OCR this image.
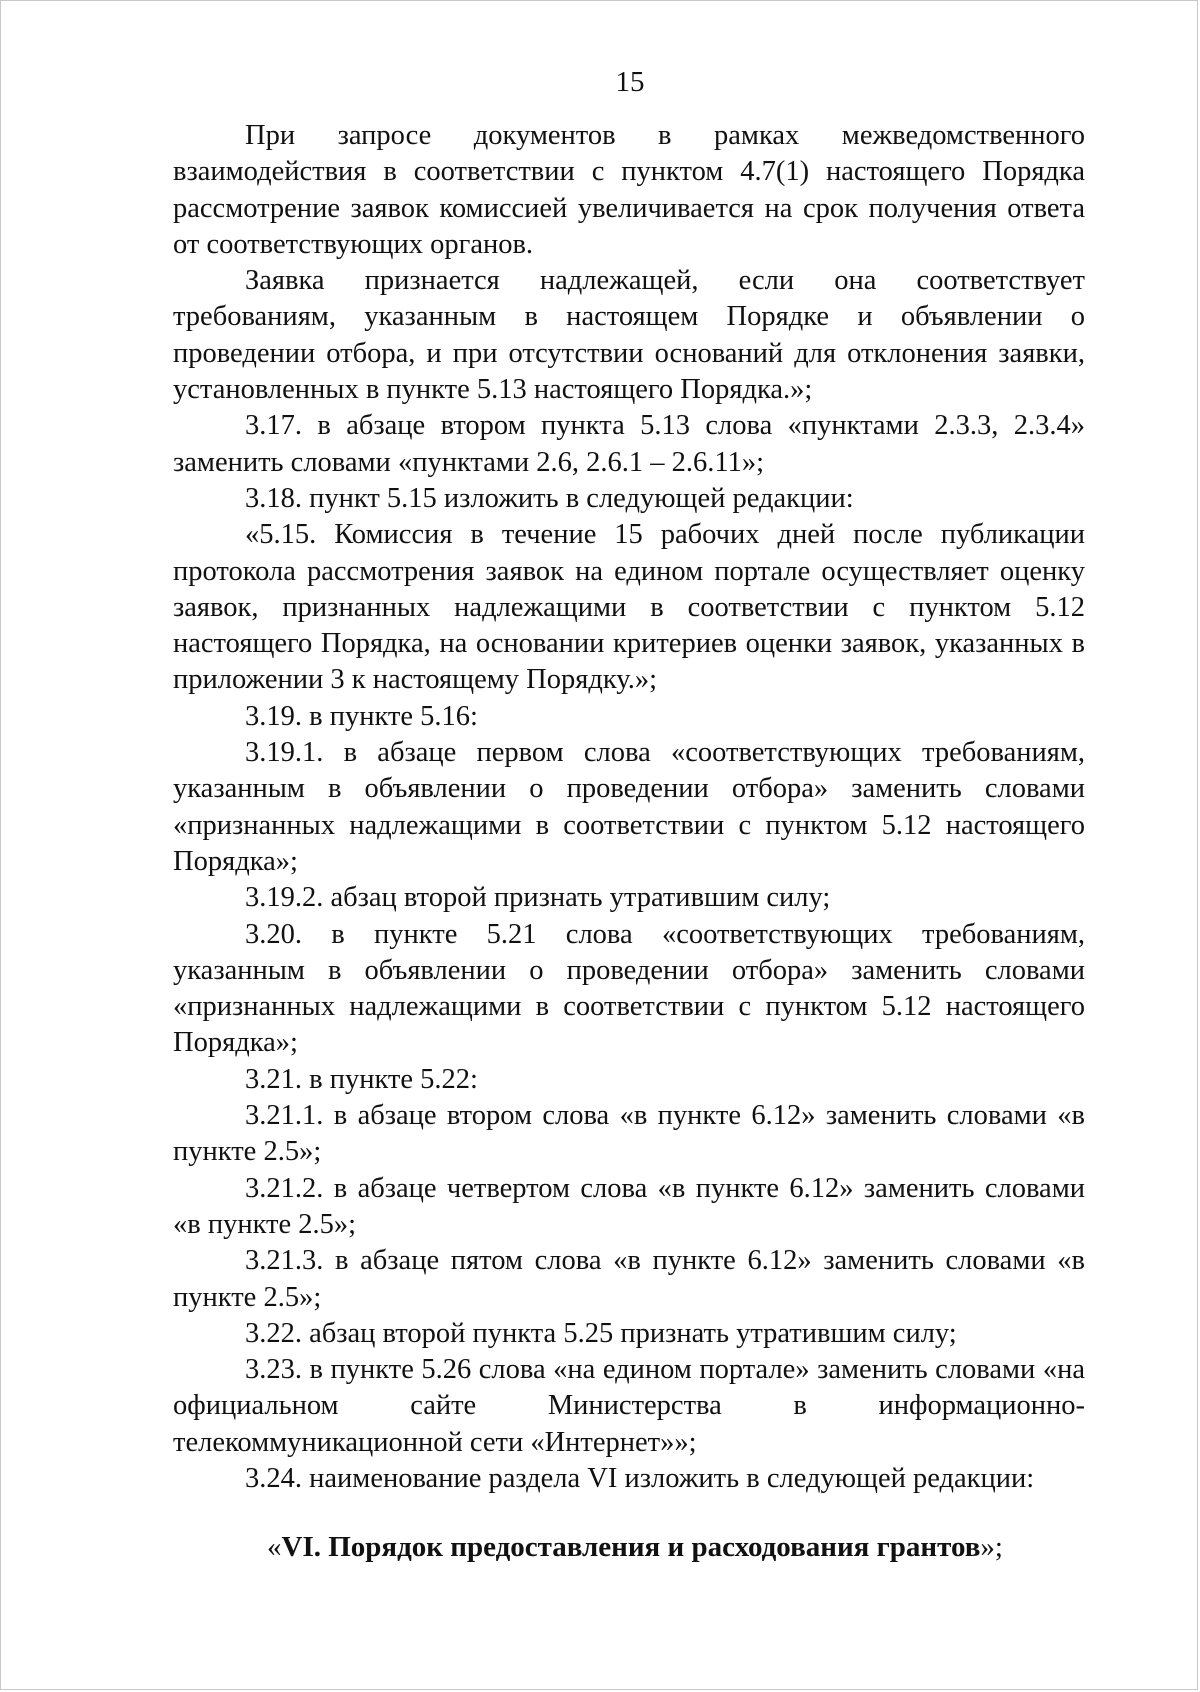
15

При запросе документов в рамках межведомственного взаимодействия в соответствии с пунктом 4.7(1) настоящего Порядка рассмотрение заявок комиссией увеличивается на срок получения ответа от соответствующих органов.

Заявка признается надлежащей, если она соответствует требованиям, указанным в настоящем Порядке и объявлении о проведении отбора, и при отсутствии оснований для отклонения заявки, установленных в пункте 5.13 настоящего Порядка.»;

3.17. в абзаце втором пункта 5.13 слова «пунктами 2.3.3, 2.3.4» заменить словами «пунктами 2.6, 2.6.1 – 2.6.11»;

3.18. пункт 5.15 изложить в следующей редакции:

«5.15. Комиссия в течение 15 рабочих дней после публикации протокола рассмотрения заявок на едином портале осуществляет оценку заявок, признанных надлежащими в соответствии с пунктом 5.12 настоящего Порядка, на основании критериев оценки заявок, указанных в приложении 3 к настоящему Порядку.»;

3.19. в пункте 5.16:

3.19.1. в абзаце первом слова «соответствующих требованиям, указанным в объявлении о проведении отбора» заменить словами «признанных надлежащими в соответствии с пунктом 5.12 настоящего Порядка»;

3.19.2. абзац второй признать утратившим силу;

3.20. в пункте 5.21 слова «соответствующих требованиям, указанным в объявлении о проведении отбора» заменить словами «признанных надлежащими в соответствии с пунктом 5.12 настоящего Порядка»;

3.21. в пункте 5.22:

3.21.1. в абзаце втором слова «в пункте 6.12» заменить словами «в пункте 2.5»;

3.21.2. в абзаце четвертом слова «в пункте 6.12» заменить словами «в пункте 2.5»;

3.21.3. в абзаце пятом слова «в пункте 6.12» заменить словами «в пункте 2.5»;

3.22. абзац второй пункта 5.25 признать утратившим силу;

3.23. в пункте 5.26 слова «на едином портале» заменить словами «на официальном сайте Министерства в информационно-телекоммуникационной сети «Интернет»»;

3.24. наименование раздела VI изложить в следующей редакции:

«VI. Порядок предоставления и расходования грантов»;
